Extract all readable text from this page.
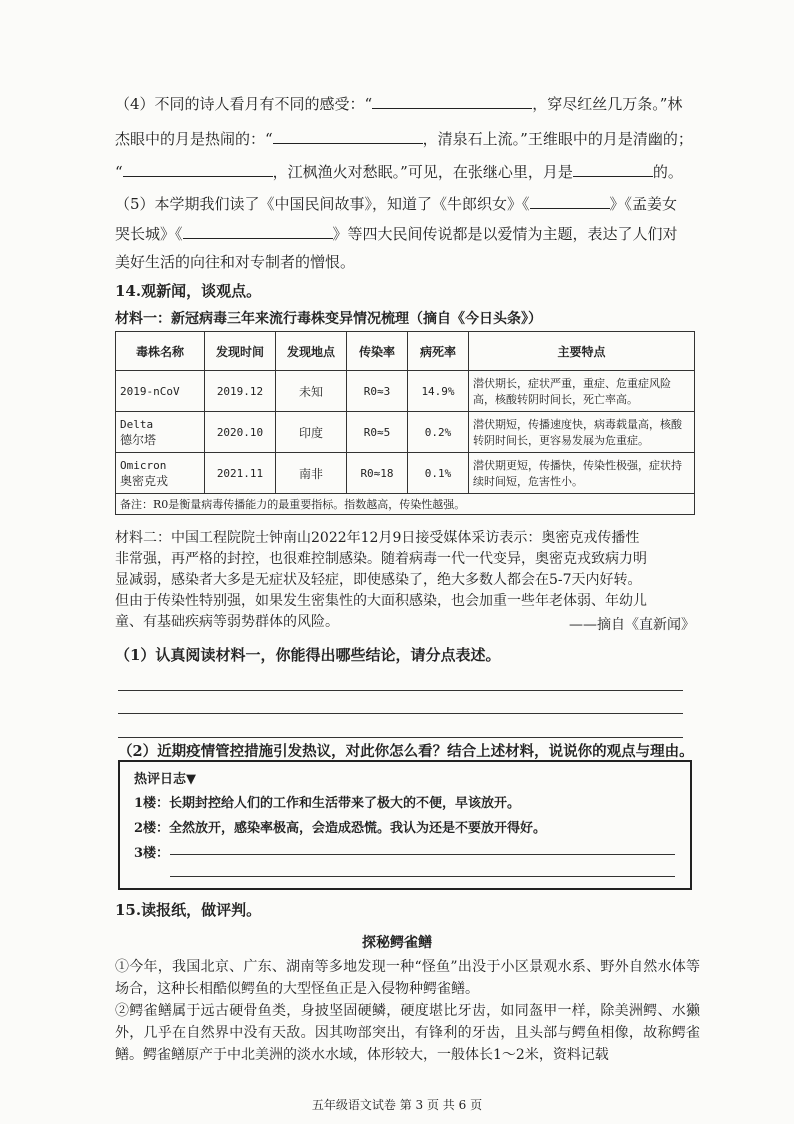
（4）不同的诗人看月有不同的感受：“	，穿尽红丝几万条。”林
杰眼中的月是热闹的：“	，清泉石上流。”王维眼中的月是清幽的；
“	，江枫渔火对愁眠。”可见，在张继心里，月是	的。
（5）本学期我们读了《中国民间故事》，知道了《牛郎织女》《	》《孟姜女
哭长城》《	》等四大民间传说都是以爱情为主题，表达了人们对
美好生活的向往和对专制者的憎恨。
14.观新闻，谈观点。
材料一：新冠病毒三年来流行毒株变异情况梳理（摘自《今日头条》）
毒株名称	发现时间	发现地点	传染率	病死率	主要特点
2019-nCoV	2019.12	未知	R0≈3	14.9%	潜伏期长，症状严重，重症、危重症风险高，核酸转阴时间长，死亡率高。
Delta
德尔塔	2020.10	印度	R0≈5	0.2%	潜伏期短，传播速度快，病毒载量高，核酸转阴时间长，更容易发展为危重症。
Omicron
奥密克戎	2021.11	南非	R0≈18	0.1%	潜伏期更短，传播快，传染性极强，症状持续时间短，危害性小。
备注：R0是衡量病毒传播能力的最重要指标。指数越高，传染性越强。					
材料二：中国工程院院士钟南山2022年12月9日接受媒体采访表示：奥密克戎传播性
非常强，再严格的封控，也很难控制感染。随着病毒一代一代变异，奥密克戎致病力明
显减弱，感染者大多是无症状及轻症，即使感染了，绝大多数人都会在5-7天内好转。
但由于传染性特别强，如果发生密集性的大面积感染，也会加重一些年老体弱、年幼儿
童、有基础疾病等弱势群体的风险。	——摘自《直新闻》
（1）认真阅读材料一，你能得出哪些结论，请分点表述。
（2）近期疫情管控措施引发热议，对此你怎么看？结合上述材料，说说你的观点与理由。
热评日志▼
1楼：长期封控给人们的工作和生活带来了极大的不便，早该放开。
2楼：全然放开，感染率极高，会造成恐慌。我认为还是不要放开得好。
3楼：
15.读报纸，做评判。
探秘鳄雀鳝
①今年，我国北京、广东、湖南等多地发现一种“怪鱼”出没于小区景观水系、野外自然水体等场合，这种长相酷似鳄鱼的大型怪鱼正是入侵物种鳄雀鳝。
②鳄雀鳝属于远古硬骨鱼类，身披坚固硬鳞，硬度堪比牙齿，如同盔甲一样，除美洲鳄、水獭外，几乎在自然界中没有天敌。因其吻部突出，有锋利的牙齿，且头部与鳄鱼相像，故称鳄雀鳝。鳄雀鳝原产于中北美洲的淡水水域，体形较大，一般体长1～2米，资料记载
五年级语文试卷 第 3 页 共 6 页
